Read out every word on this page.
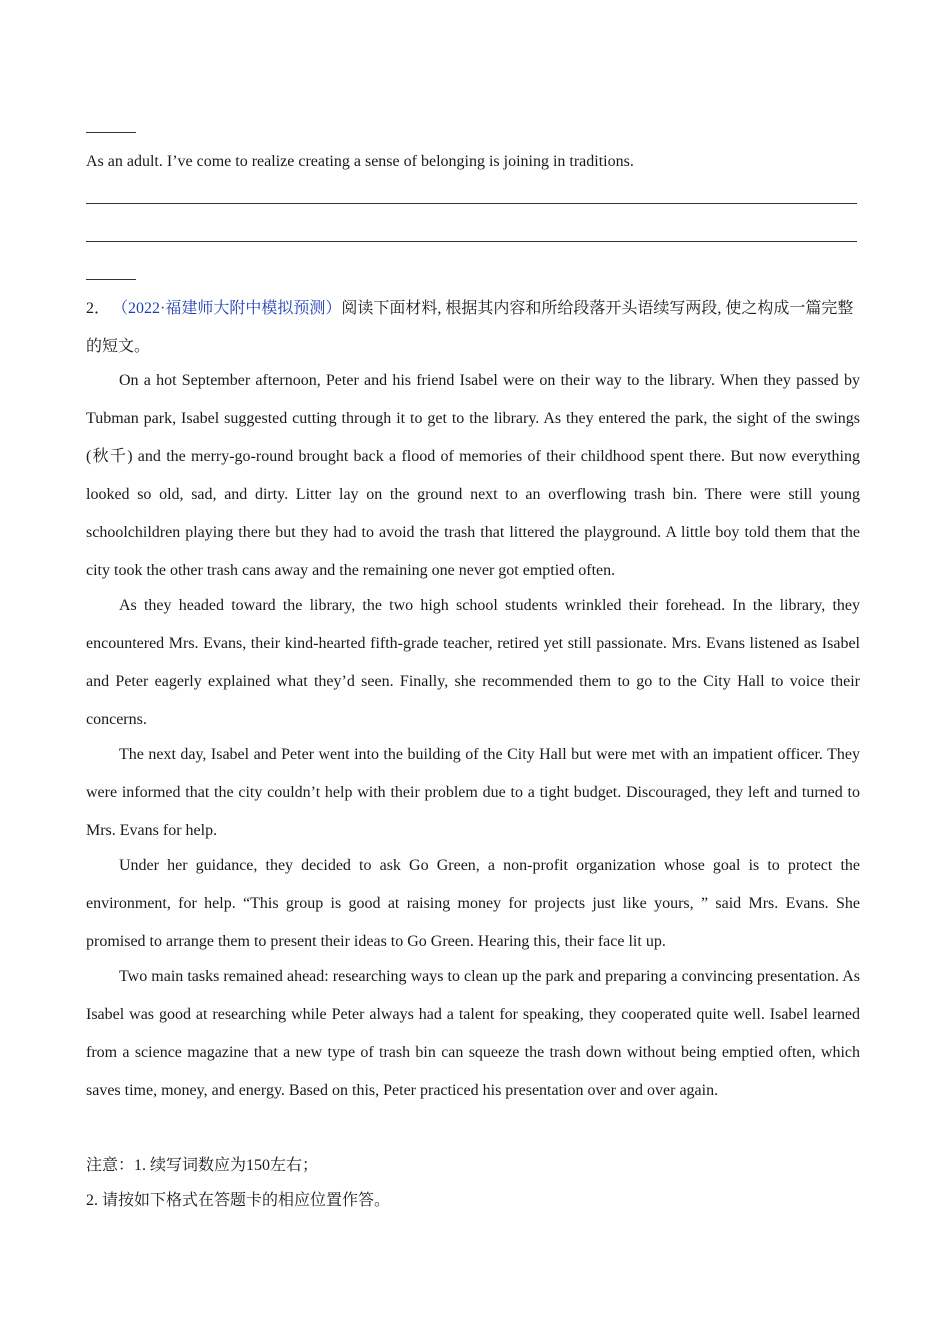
As an adult. I’ve come to realize creating a sense of belonging is joining in traditions.

2． （2022·福建师大附中模拟预测）阅读下面材料, 根据其内容和所给段落开头语续写两段, 使之构成一篇完整的短文。

On a hot September afternoon, Peter and his friend Isabel were on their way to the library. When they passed by Tubman park, Isabel suggested cutting through it to get to the library. As they entered the park, the sight of the swings (秋千) and the merry-go-round brought back a flood of memories of their childhood spent there. But now everything looked so old, sad, and dirty. Litter lay on the ground next to an overflowing trash bin. There were still young schoolchildren playing there but they had to avoid the trash that littered the playground. A little boy told them that the city took the other trash cans away and the remaining one never got emptied often.

As they headed toward the library, the two high school students wrinkled their forehead. In the library, they encountered Mrs. Evans, their kind-hearted fifth-grade teacher, retired yet still passionate. Mrs. Evans listened as Isabel and Peter eagerly explained what they’d seen. Finally, she recommended them to go to the City Hall to voice their concerns.

The next day, Isabel and Peter went into the building of the City Hall but were met with an impatient officer. They were informed that the city couldn’t help with their problem due to a tight budget. Discouraged, they left and turned to Mrs. Evans for help.

Under her guidance, they decided to ask Go Green, a non-profit organization whose goal is to protect the environment, for help. “This group is good at raising money for projects just like yours, ” said Mrs. Evans. She promised to arrange them to present their ideas to Go Green. Hearing this, their face lit up.

Two main tasks remained ahead: researching ways to clean up the park and preparing a convincing presentation. As Isabel was good at researching while Peter always had a talent for speaking, they cooperated quite well. Isabel learned from a science magazine that a new type of trash bin can squeeze the trash down without being emptied often, which saves time, money, and energy. Based on this, Peter practiced his presentation over and over again.

注意：1. 续写词数应为150左右；
2. 请按如下格式在答题卡的相应位置作答。
